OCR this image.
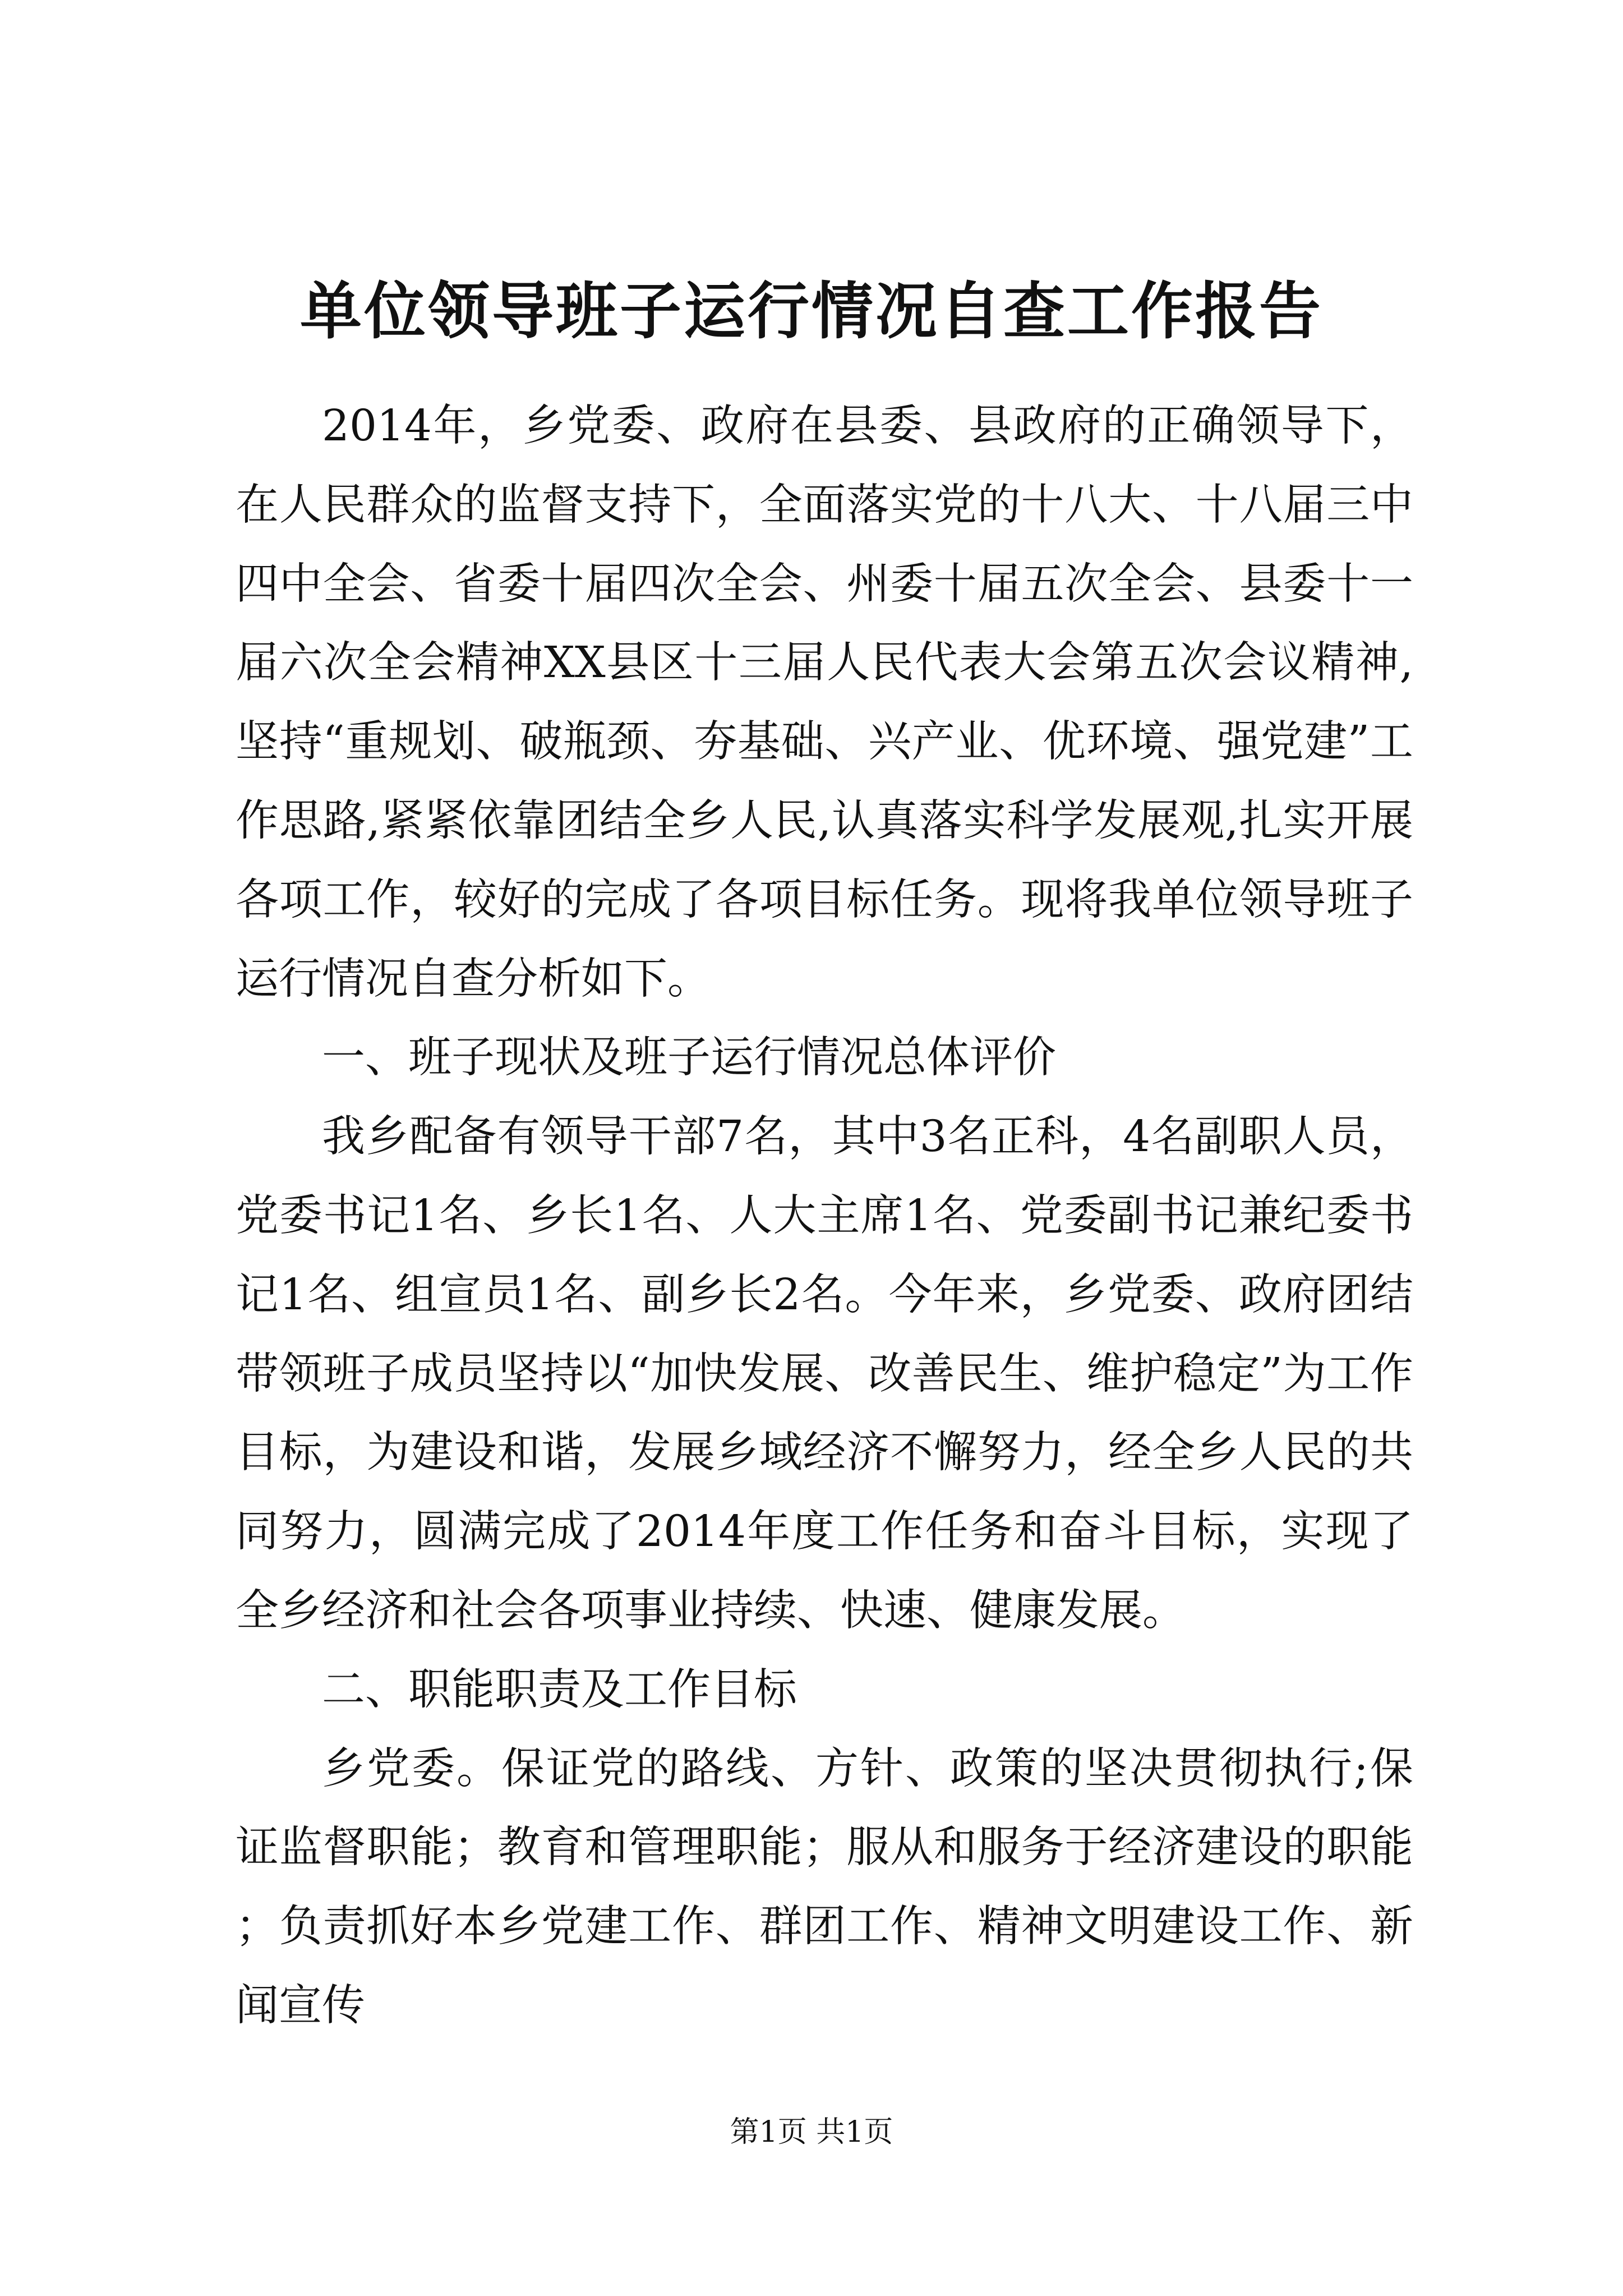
单位领导班子运行情况自查工作报告

2014年，乡党委、政府在县委、县政府的正确领导下，在人民群众的监督支持下，全面落实党的十八大、十八届三中四中全会、省委十届四次全会、州委十届五次全会、县委十一届六次全会精神XX县区十三届人民代表大会第五次会议精神,坚持“重规划、破瓶颈、夯基础、兴产业、优环境、强党建”工作思路,紧紧依靠团结全乡人民,认真落实科学发展观,扎实开展各项工作，较好的完成了各项目标任务。现将我单位领导班子运行情况自查分析如下。

一、班子现状及班子运行情况总体评价

我乡配备有领导干部7名，其中3名正科，4名副职人员，党委书记1名、乡长1名、人大主席1名、党委副书记兼纪委书记1名、组宣员1名、副乡长2名。今年来，乡党委、政府团结带领班子成员坚持以“加快发展、改善民生、维护稳定”为工作目标，为建设和谐，发展乡域经济不懈努力，经全乡人民的共同努力，圆满完成了2014年度工作任务和奋斗目标，实现了全乡经济和社会各项事业持续、快速、健康发展。

二、职能职责及工作目标

乡党委。保证党的路线、方针、政策的坚决贯彻执行;保证监督职能；教育和管理职能；服从和服务于经济建设的职能；负责抓好本乡党建工作、群团工作、精神文明建设工作、新闻宣传

第1页 共1页
